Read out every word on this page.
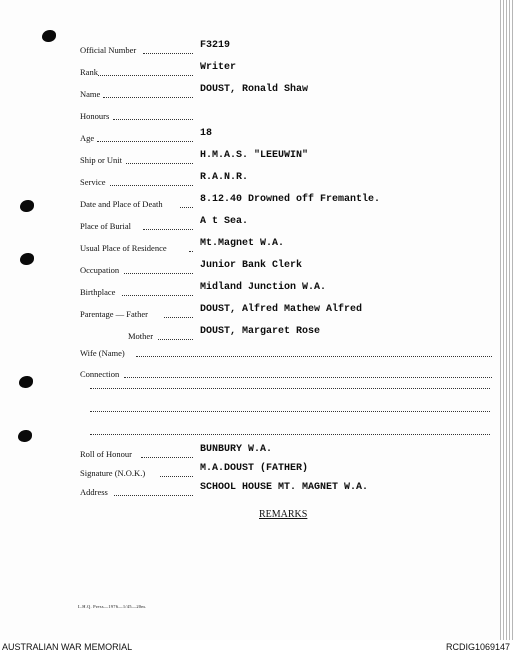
Official Number	F3219
Rank	Writer
Name	DOUST, Ronald Shaw
Honours
Age	18
Ship or Unit	H.M.A.S. "LEEUWIN"
Service	R.A.N.R.
Date and Place of Death	8.12.40 Drowned off Fremantle.
Place of Burial	A t Sea.
Usual Place of Residence	Mt.Magnet W.A.
Occupation	Junior Bank Clerk
Birthplace	Midland Junction W.A.
Parentage — Father	DOUST, Alfred Mathew Alfred
Mother	DOUST, Margaret Rose
Wife (Name)
Connection
Roll of Honour	BUNBURY W.A.
Signature (N.O.K.)	M.A.DOUST (FATHER)
Address	SCHOOL HOUSE MT. MAGNET W.A.
REMARKS
L.H.Q. Press—1976—1/45—20m.
AUSTRALIAN WAR MEMORIAL	RCDIG1069147
